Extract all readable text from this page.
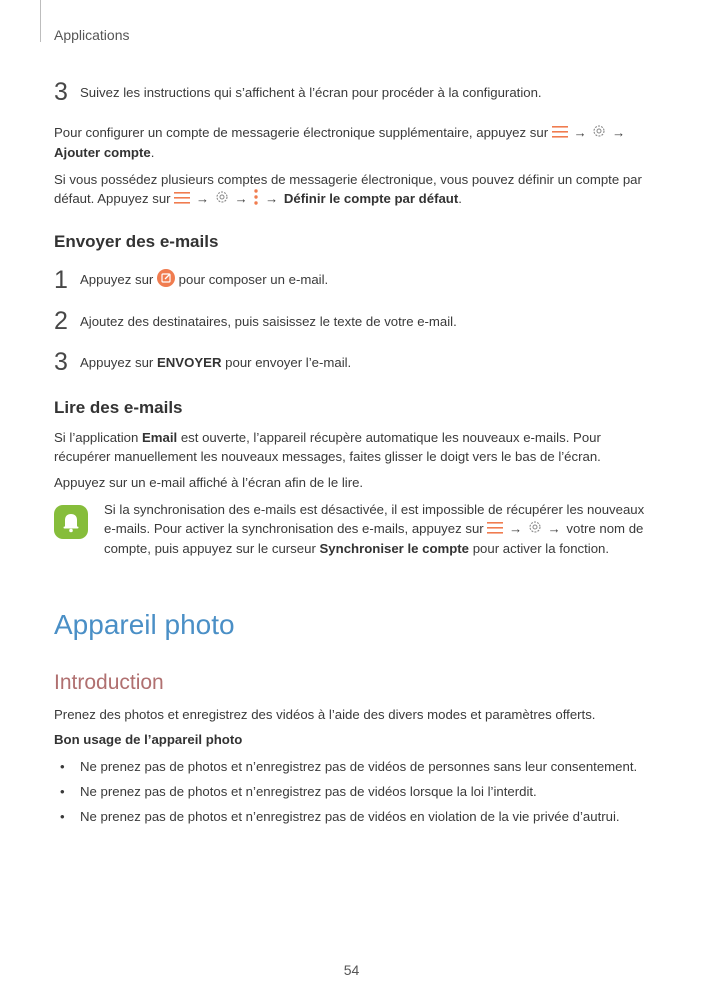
Applications
3 Suivez les instructions qui s’affichent à l’écran pour procéder à la configuration.
Pour configurer un compte de messagerie électronique supplémentaire, appuyez sur → →
Ajouter compte.
Si vous possédez plusieurs comptes de messagerie électronique, vous pouvez définir un compte par défaut. Appuyez sur → → → Définir le compte par défaut.
Envoyer des e-mails
1 Appuyez sur pour composer un e-mail.
2 Ajoutez des destinataires, puis saisissez le texte de votre e-mail.
3 Appuyez sur ENVOYER pour envoyer l’e-mail.
Lire des e-mails
Si l’application Email est ouverte, l’appareil récupère automatique les nouveaux e-mails. Pour récupérer manuellement les nouveaux messages, faites glisser le doigt vers le bas de l’écran.
Appuyez sur un e-mail affiché à l’écran afin de le lire.
Si la synchronisation des e-mails est désactivée, il est impossible de récupérer les nouveaux e-mails. Pour activer la synchronisation des e-mails, appuyez sur → → votre nom de compte, puis appuyez sur le curseur Synchroniser le compte pour activer la fonction.
Appareil photo
Introduction
Prenez des photos et enregistrez des vidéos à l’aide des divers modes et paramètres offerts.
Bon usage de l’appareil photo
•	Ne prenez pas de photos et n’enregistrez pas de vidéos de personnes sans leur consentement.
•	Ne prenez pas de photos et n’enregistrez pas de vidéos lorsque la loi l’interdit.
•	Ne prenez pas de photos et n’enregistrez pas de vidéos en violation de la vie privée d’autrui.
54
